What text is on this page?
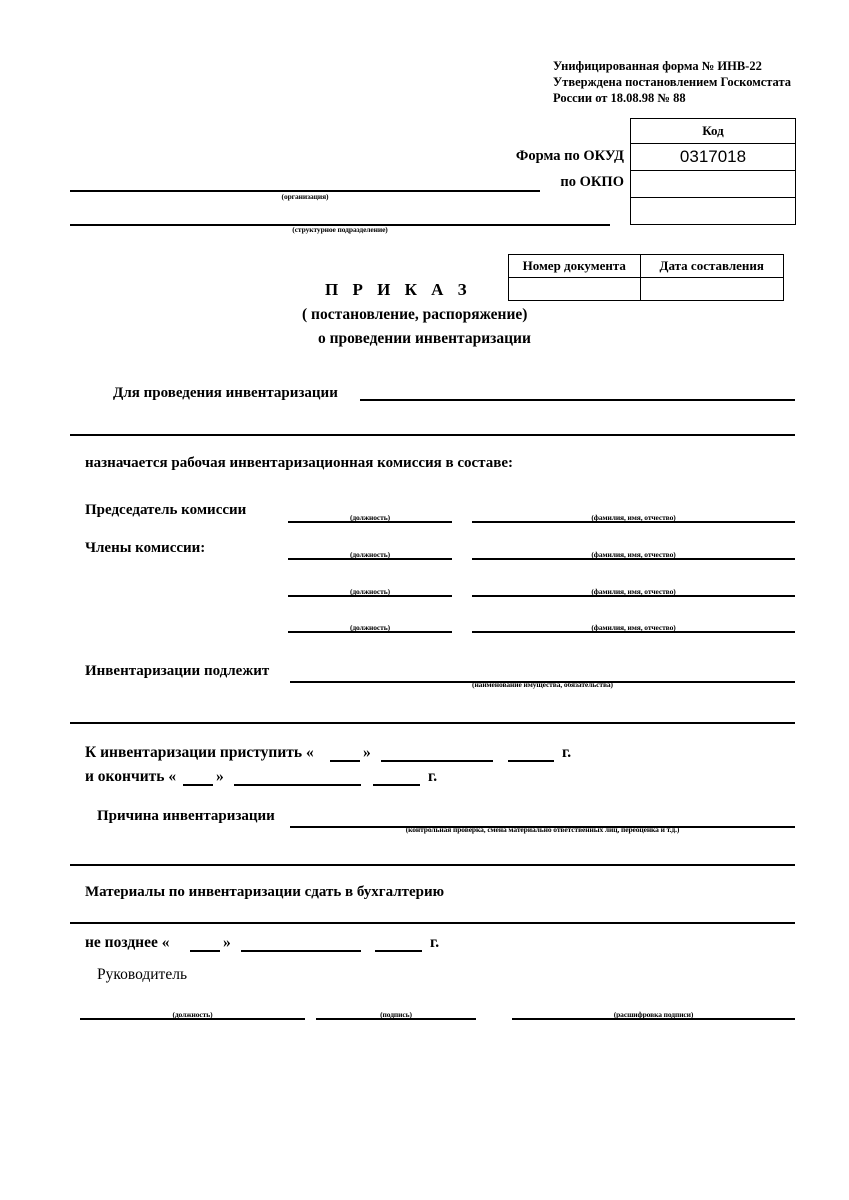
Унифицированная форма № ИНВ-22
Утверждена постановлением Госкомстата
России от 18.08.98 № 88
Код
0317018

Форма по ОКУД
по ОКПО
(организация)
(структурное подразделение)
Номер документа	Дата составления

П Р И К А З
( постановление, распоряжение)
о проведении инвентаризации
Для проведения инвентаризации
назначается рабочая инвентаризационная комиссия в составе:
Председатель комиссии	(должность)	(фамилия, имя, отчество)
Члены комиссии:	(должность)	(фамилия, имя, отчество)
(должность)	(фамилия, имя, отчество)
(должность)	(фамилия, имя, отчество)
Инвентаризации подлежит
(наименование имущества, обязательства)
К инвентаризации приступить «	»	г.
и окончить «	»	г.
Причина инвентаризации
(контрольная проверка, смена материально ответственных лиц, переоценка и т.д.)
Материалы по инвентаризации сдать в бухгалтерию
не позднее «	»	г.
Руководитель
(должность)	(подпись)	(расшифровка подписи)
